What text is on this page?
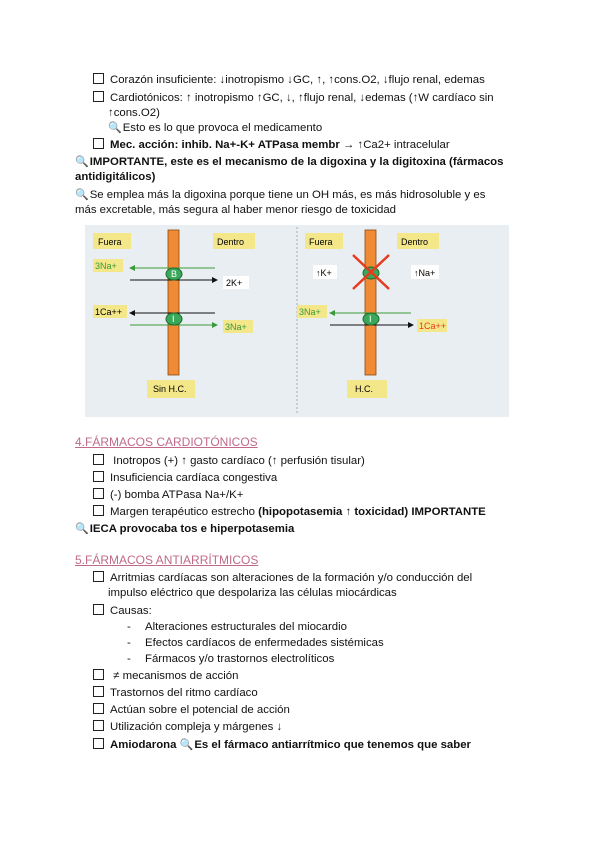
Corazón insuficiente: ↓inotropismo ↓GC, ↑, ↑cons.O2, ↓flujo renal, edemas
Cardiotónicos: ↑ inotropismo ↑GC, ↓, ↑flujo renal, ↓edemas (↑W cardíaco sin
↑cons.O2)
🔍Esto es lo que provoca el medicamento
Mec. acción: inhib. Na+-K+ ATPasa membr → ↑Ca2+ intracelular
🔍IMPORTANTE, este es el mecanismo de la digoxina y la digitoxina (fármacos
antidigitálicos)
🔍Se emplea más la digoxina porque tiene un OH más, es más hidrosoluble y es
más excretable, más segura al haber menor riesgo de toxicidad
Fuera	Dentro
3Na+
B
2K+
1Ca++
I
3Na+
Sin H.C.
Fuera	Dentro
↑K+	↑Na+
3Na+
I
1Ca++
H.C.
4.FÁRMACOS CARDIOTÓNICOS
Inotropos (+) ↑ gasto cardíaco (↑ perfusión tisular)
Insuficiencia cardíaca congestiva
(-) bomba ATPasa Na+/K+
Margen terapéutico estrecho (hipopotasemia ↑ toxicidad) IMPORTANTE
🔍IECA provocaba tos e hiperpotasemia
5.FÁRMACOS ANTIARRÍTMICOS
Arritmias cardíacas son alteraciones de la formación y/o conducción del
impulso eléctrico que despolariza las células miocárdicas
Causas:
- Alteraciones estructurales del miocardio
- Efectos cardíacos de enfermedades sistémicas
- Fármacos y/o trastornos electrolíticos
≠ mecanismos de acción
Trastornos del ritmo cardíaco
Actúan sobre el potencial de acción
Utilización compleja y márgenes ↓
Amiodarona 🔍Es el fármaco antiarrítmico que tenemos que saber
